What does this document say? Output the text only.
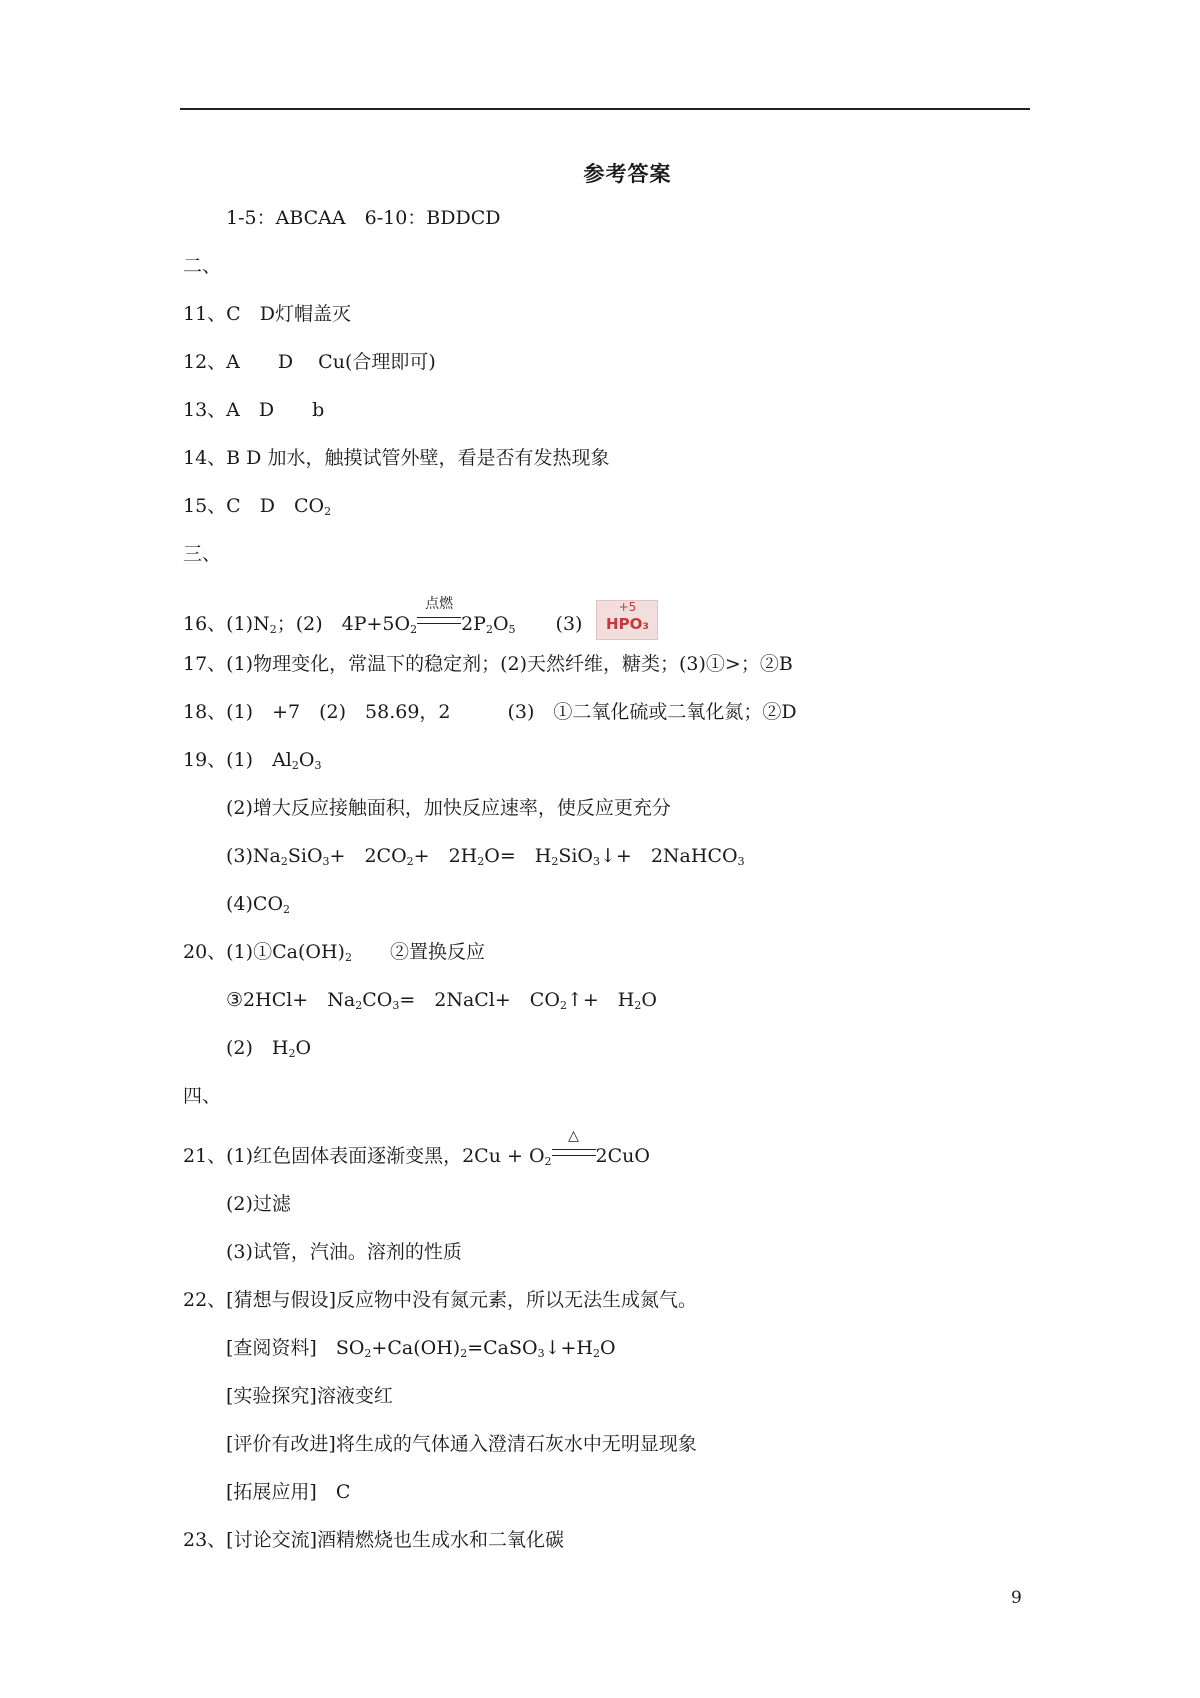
参考答案
1-5：ABCAA　6-10：BDDCD
二、
11、C　D灯帽盖灭
12、A　　D　 Cu(合理即可)
13、A　D　　b
14、B D 加水，触摸试管外壁，看是否有发热现象
15、C　D　$CO_2$
三、
16、$(1)N_2$；(2)　$4P+5O_2$
点燃
$2P_2O_5$ (3)
+5
HPO₃
17、(1)物理变化，常温下的稳定剂；(2)天然纤维，糖类；(3)①>；②B
18、(1)　+7　(2)　58.69，2　　　(3)　①二氧化硫或二氧化氮；②D
19、(1)　$Al_2O_3$
(2)增大反应接触面积，加快反应速率，使反应更充分
$(3)Na_2SiO_3+$　$2CO_2+$　$2H_2O=$　$H_2SiO_3↓+$　2NaHCO$_3$
$(4)CO_2$
20、$(1)①Ca(OH)_2$　　②置换反应
③2HCl+　$Na_2CO_3=$　2NaCl+　$CO_2↑+$　$H_2O$
(2)　$H_2O$
四、
21、(1)红色固体表面逐渐变黑，$2Cu + O_2$
△
2CuO
(2)过滤
(3)试管，汽油。溶剂的性质
22、[猜想与假设]反应物中没有氮元素，所以无法生成氮气。
[查阅资料]　$SO_2+Ca(OH)_2=CaSO_3↓+H_2O$
[实验探究]溶液变红
[评价有改进]将生成的气体通入澄清石灰水中无明显现象
[拓展应用]　C
23、[讨论交流]酒精燃烧也生成水和二氧化碳
9
